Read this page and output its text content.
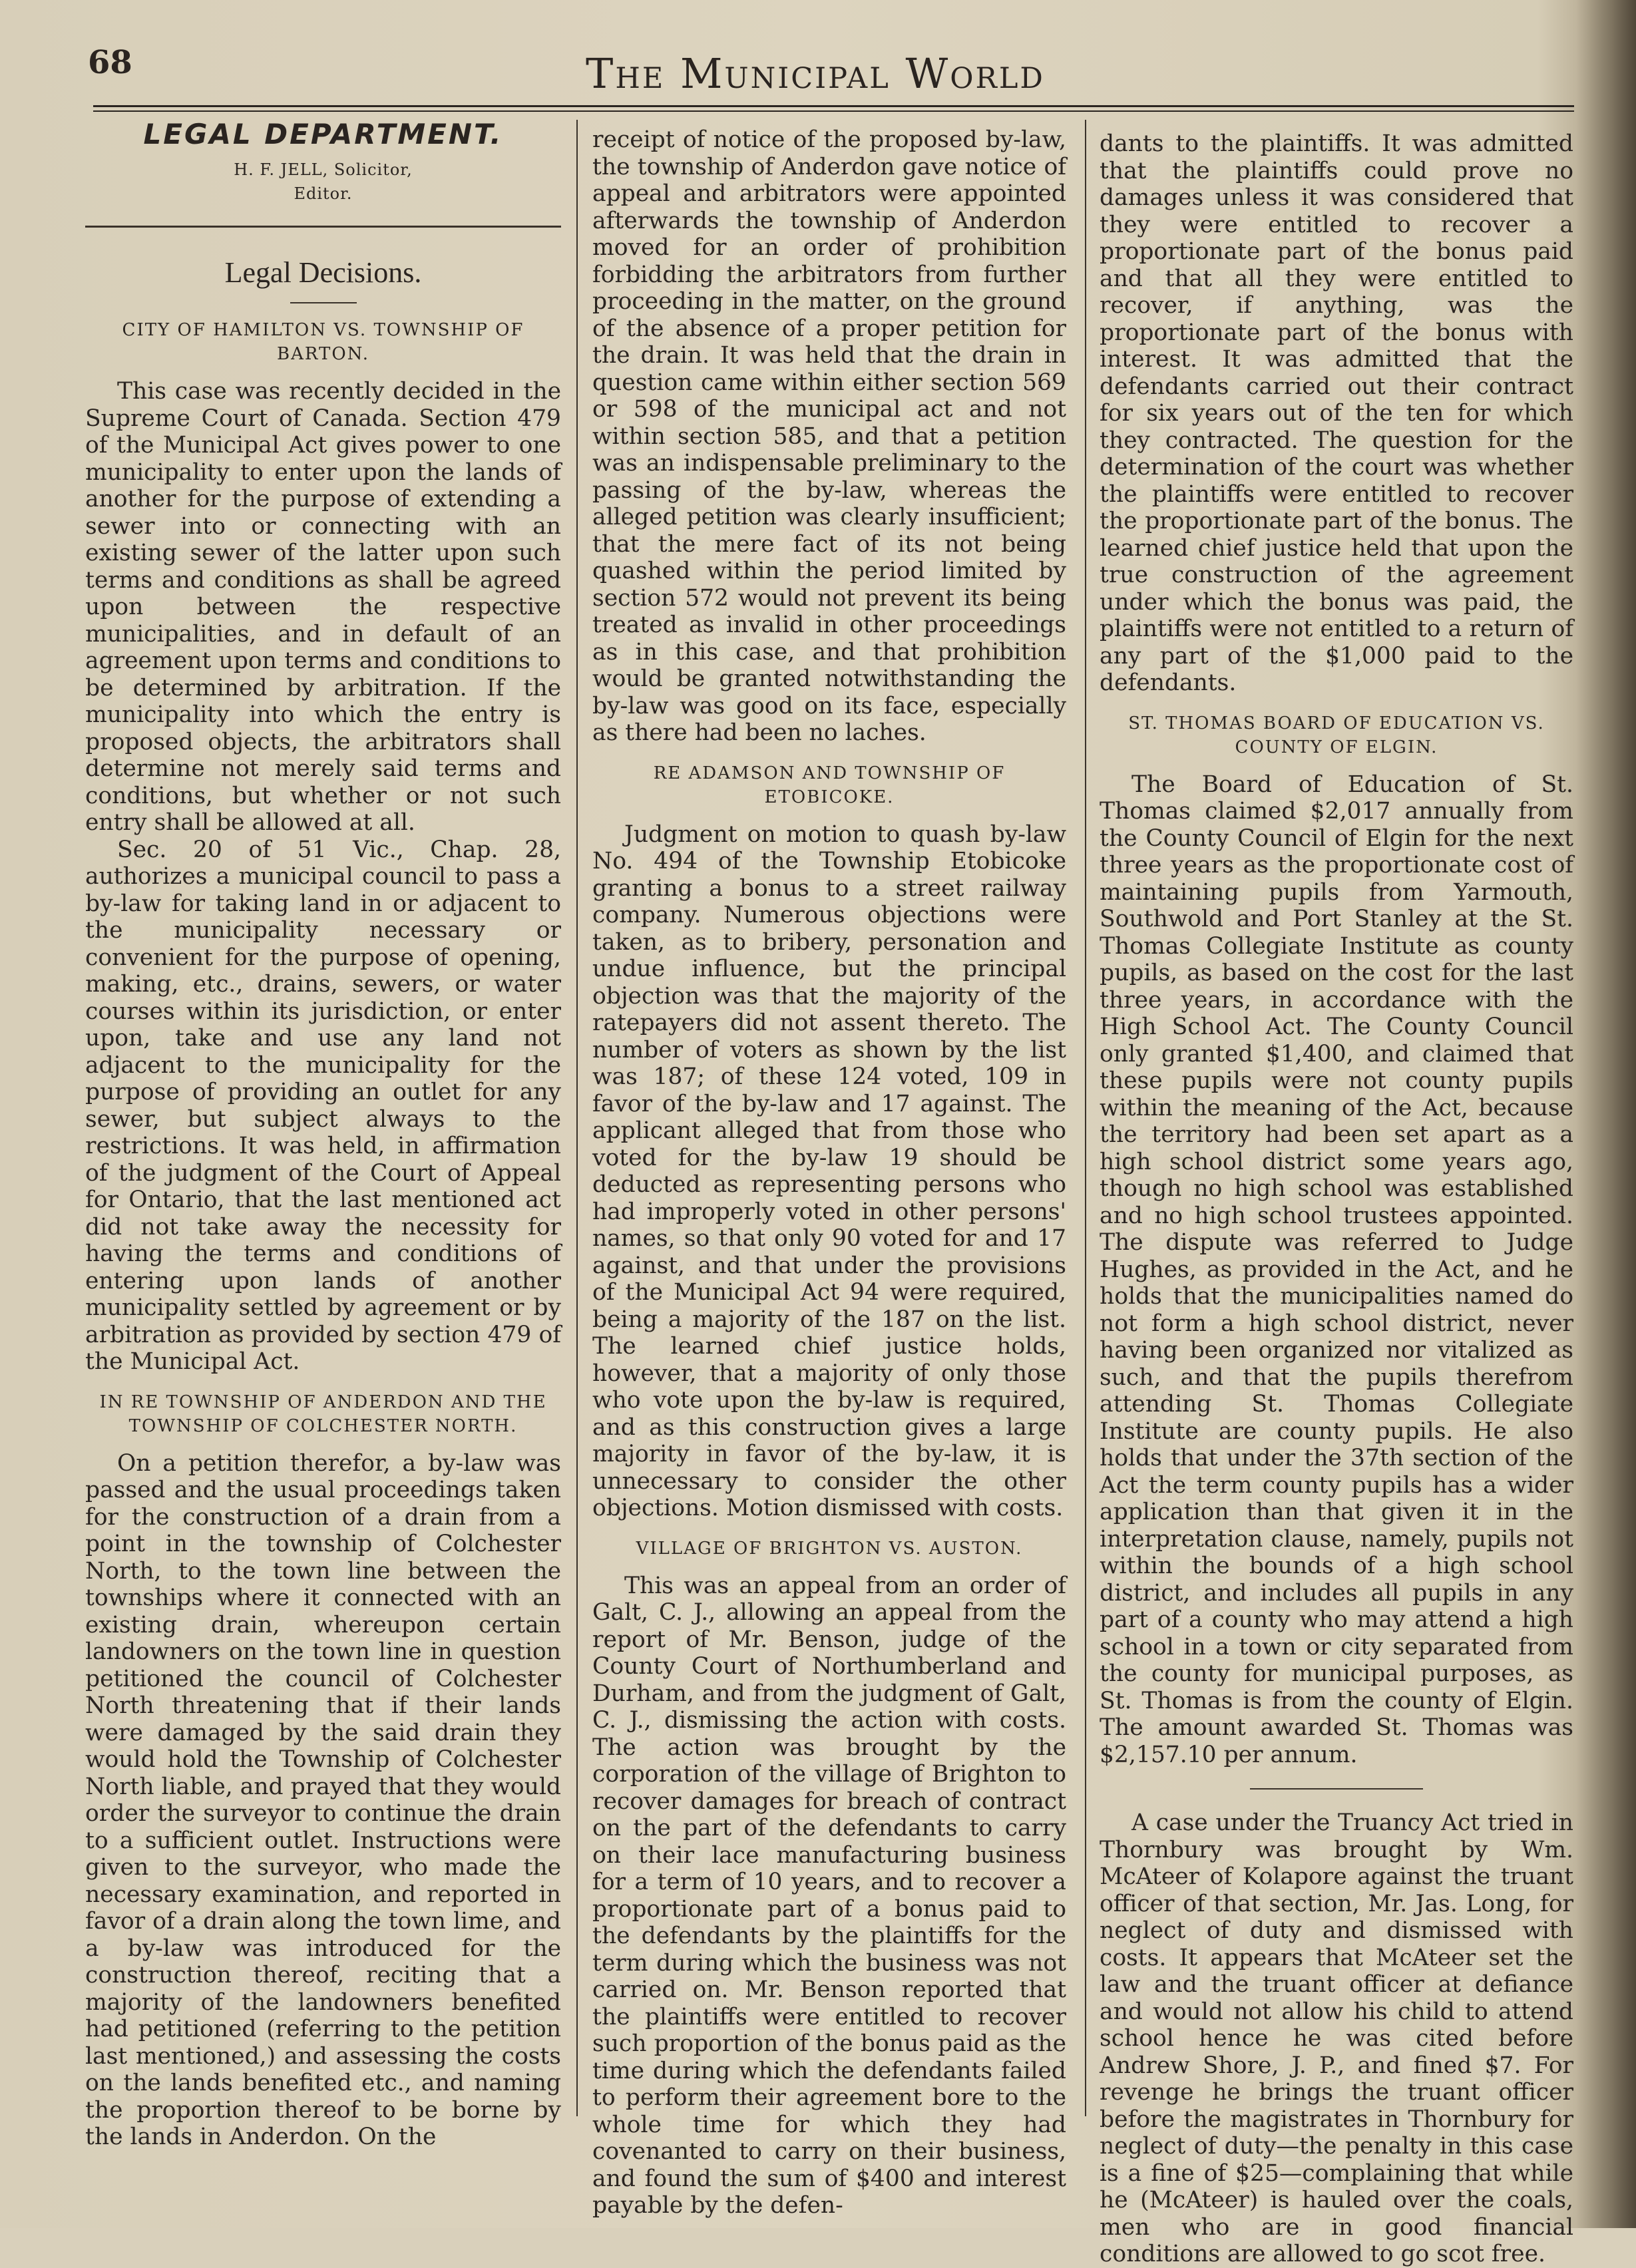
68	The Municipal World
LEGAL DEPARTMENT.
H. F. JELL, Solicitor,
Editor.
Legal Decisions.
CITY OF HAMILTON VS. TOWNSHIP OF BARTON.

This case was recently decided in the Supreme Court of Canada. Section 479 of the Municipal Act gives power to one municipality to enter upon the lands of another for the purpose of extending a sewer into or connecting with an existing sewer of the latter upon such terms and conditions as shall be agreed upon between the respective municipalities, and in default of an agreement upon terms and conditions to be determined by arbitration. If the municipality into which the entry is proposed objects, the arbitrators shall determine not merely said terms and conditions, but whether or not such entry shall be allowed at all.

Sec. 20 of 51 Vic., Chap. 28, authorizes a municipal council to pass a by-law for taking land in or adjacent to the municipality necessary or convenient for the purpose of opening, making, etc., drains, sewers, or water courses within its jurisdiction, or enter upon, take and use any land not adjacent to the municipality for the purpose of providing an outlet for any sewer, but subject always to the restrictions. It was held, in affirmation of the judgment of the Court of Appeal for Ontario, that the last mentioned act did not take away the necessity for having the terms and conditions of entering upon lands of another municipality settled by agreement or by arbitration as provided by section 479 of the Municipal Act.

IN RE TOWNSHIP OF ANDERDON AND THE TOWNSHIP OF COLCHESTER NORTH.

On a petition therefor, a by-law was passed and the usual proceedings taken for the construction of a drain from a point in the township of Colchester North, to the town line between the townships where it connected with an existing drain, whereupon certain landowners on the town line in question petitioned the council of Colchester North threatening that if their lands were damaged by the said drain they would hold the Township of Colchester North liable, and prayed that they would order the surveyor to continue the drain to a sufficient outlet. Instructions were given to the surveyor, who made the necessary examination, and reported in favor of a drain along the town lime, and a by-law was introduced for the construction thereof, reciting that a majority of the landowners benefited had petitioned (referring to the petition last mentioned,) and assessing the costs on the lands benefited etc., and naming the proportion thereof to be borne by the lands in Anderdon. On the

receipt of notice of the proposed by-law, the township of Anderdon gave notice of appeal and arbitrators were appointed afterwards the township of Anderdon moved for an order of prohibition forbidding the arbitrators from further proceeding in the matter, on the ground of the absence of a proper petition for the drain. It was held that the drain in question came within either section 569 or 598 of the municipal act and not within section 585, and that a petition was an indispensable preliminary to the passing of the by-law, whereas the alleged petition was clearly insufficient; that the mere fact of its not being quashed within the period limited by section 572 would not prevent its being treated as invalid in other proceedings as in this case, and that prohibition would be granted notwithstanding the by-law was good on its face, especially as there had been no laches.

RE ADAMSON AND TOWNSHIP OF ETOBICOKE.

Judgment on motion to quash by-law No. 494 of the Township Etobicoke granting a bonus to a street railway company. Numerous objections were taken, as to bribery, personation and undue influence, but the principal objection was that the majority of the ratepayers did not assent thereto. The number of voters as shown by the list was 187; of these 124 voted, 109 in favor of the by-law and 17 against. The applicant alleged that from those who voted for the by-law 19 should be deducted as representing persons who had improperly voted in other persons' names, so that only 90 voted for and 17 against, and that under the provisions of the Municipal Act 94 were required, being a majority of the 187 on the list. The learned chief justice holds, however, that a majority of only those who vote upon the by-law is required, and as this construction gives a large majority in favor of the by-law, it is unnecessary to consider the other objections. Motion dismissed with costs.

VILLAGE OF BRIGHTON VS. AUSTON.

This was an appeal from an order of Galt, C. J., allowing an appeal from the report of Mr. Benson, judge of the County Court of Northumberland and Durham, and from the judgment of Galt, C. J., dismissing the action with costs. The action was brought by the corporation of the village of Brighton to recover damages for breach of contract on the part of the defendants to carry on their lace manufacturing business for a term of 10 years, and to recover a proportionate part of a bonus paid to the defendants by the plaintiffs for the term during which the business was not carried on. Mr. Benson reported that the plaintiffs were entitled to recover such proportion of the bonus paid as the time during which the defendants failed to perform their agreement bore to the whole time for which they had covenanted to carry on their business, and found the sum of $400 and interest payable by the defen-

dants to the plaintiffs. It was admitted that the plaintiffs could prove no damages unless it was considered that they were entitled to recover a proportionate part of the bonus paid and that all they were entitled to recover, if anything, was the proportionate part of the bonus with interest. It was admitted that the defendants carried out their contract for six years out of the ten for which they contracted. The question for the determination of the court was whether the plaintiffs were entitled to recover the proportionate part of the bonus. The learned chief justice held that upon the true construction of the agreement under which the bonus was paid, the plaintiffs were not entitled to a return of any part of the $1,000 paid to the defendants.

ST. THOMAS BOARD OF EDUCATION VS. COUNTY OF ELGIN.

The Board of Education of St. Thomas claimed $2,017 annually from the County Council of Elgin for the next three years as the proportionate cost of maintaining pupils from Yarmouth, Southwold and Port Stanley at the St. Thomas Collegiate Institute as county pupils, as based on the cost for the last three years, in accordance with the High School Act. The County Council only granted $1,400, and claimed that these pupils were not county pupils within the meaning of the Act, because the territory had been set apart as a high school district some years ago, though no high school was established and no high school trustees appointed. The dispute was referred to Judge Hughes, as provided in the Act, and he holds that the municipalities named do not form a high school district, never having been organized nor vitalized as such, and that the pupils therefrom attending St. Thomas Collegiate Institute are county pupils. He also holds that under the 37th section of the Act the term county pupils has a wider application than that given it in the interpretation clause, namely, pupils not within the bounds of a high school district, and includes all pupils in any part of a county who may attend a high school in a town or city separated from the county for municipal purposes, as St. Thomas is from the county of Elgin. The amount awarded St. Thomas was $2,157.10 per annum.

A case under the Truancy Act tried in Thornbury was brought by Wm. McAteer of Kolapore against the truant officer of that section, Mr. Jas. Long, for neglect of duty and dismissed with costs. It appears that McAteer set the law and the truant officer at defiance and would not allow his child to attend school hence he was cited before Andrew Shore, J. P., and fined $7. For revenge he brings the truant officer before the magistrates in Thornbury for neglect of duty—the penalty in this case is a fine of $25—complaining that while he (McAteer) is hauled over the coals, men who are in good financial conditions are allowed to go scot free.
